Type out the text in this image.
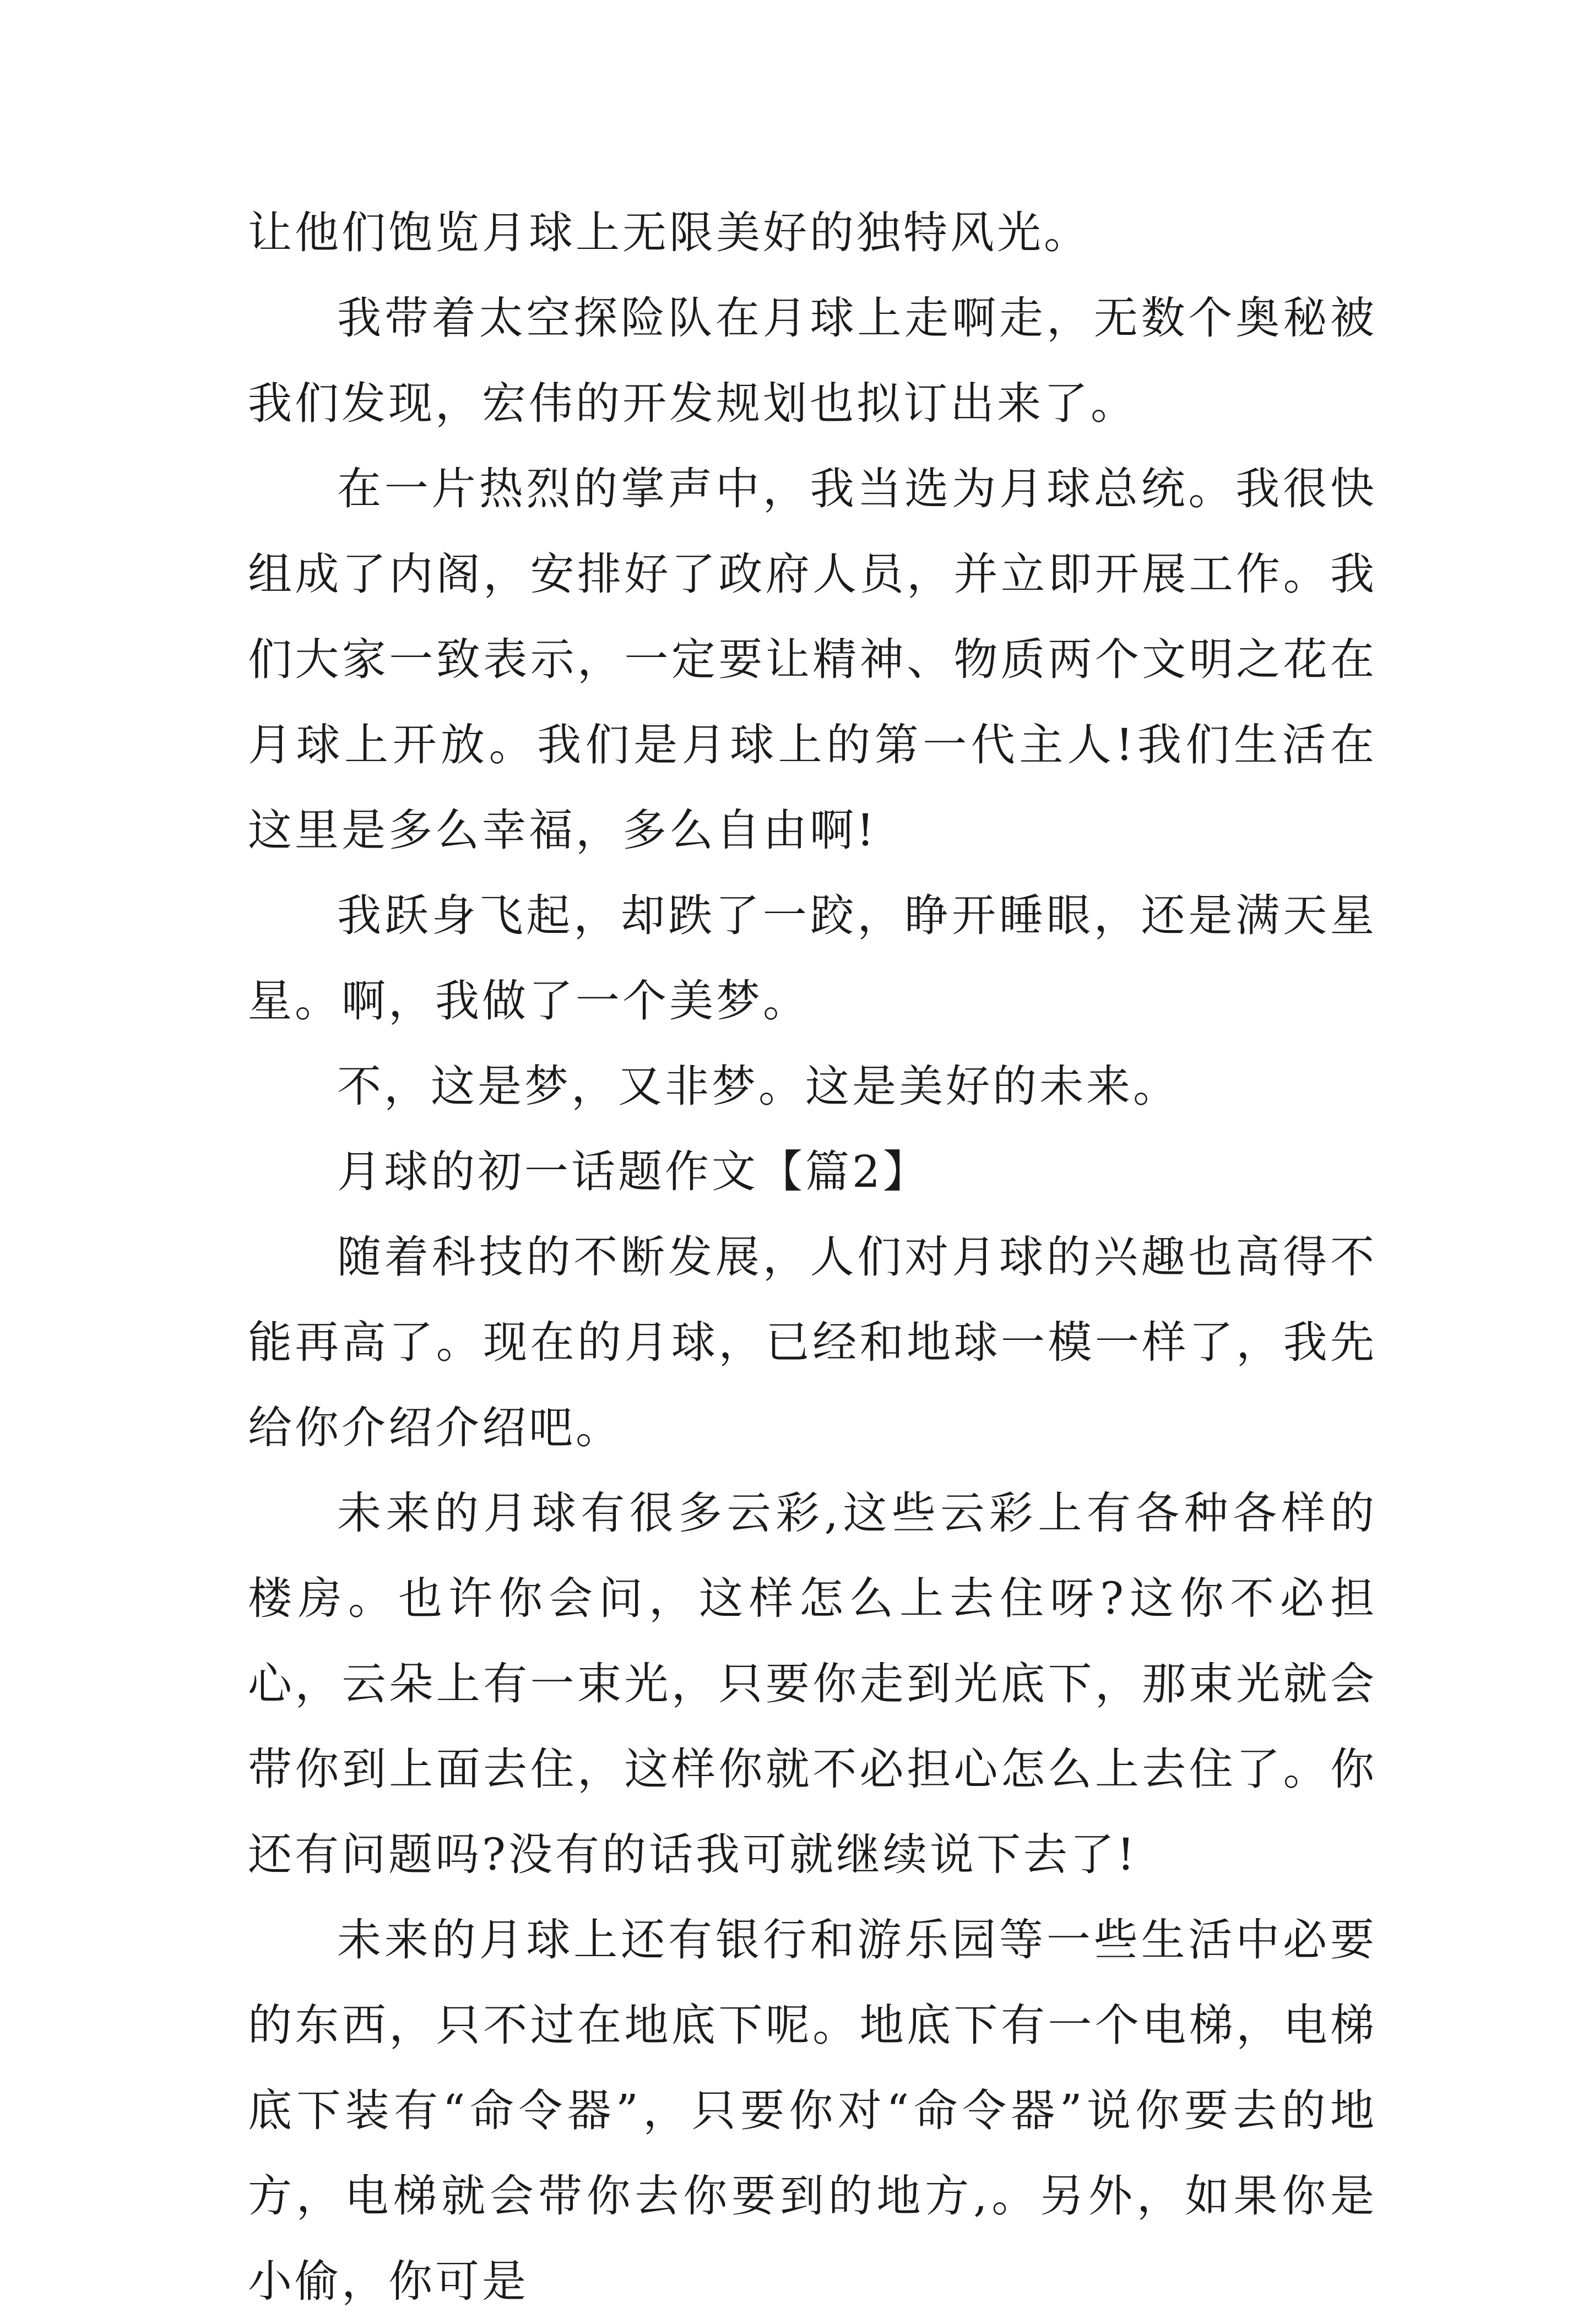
让他们饱览月球上无限美好的独特风光。

我带着太空探险队在月球上走啊走，无数个奥秘被我们发现，宏伟的开发规划也拟订出来了。

在一片热烈的掌声中，我当选为月球总统。我很快组成了内阁，安排好了政府人员，并立即开展工作。我们大家一致表示，一定要让精神、物质两个文明之花在月球上开放。我们是月球上的第一代主人!我们生活在这里是多么幸福，多么自由啊!

我跃身飞起，却跌了一跤，睁开睡眼，还是满天星星。啊，我做了一个美梦。

不，这是梦，又非梦。这是美好的未来。

月球的初一话题作文【篇2】

随着科技的不断发展，人们对月球的兴趣也高得不能再高了。现在的月球，已经和地球一模一样了，我先给你介绍介绍吧。

未来的月球有很多云彩,这些云彩上有各种各样的楼房。也许你会问，这样怎么上去住呀?这你不必担心，云朵上有一束光，只要你走到光底下，那束光就会带你到上面去住，这样你就不必担心怎么上去住了。你还有问题吗?没有的话我可就继续说下去了!

未来的月球上还有银行和游乐园等一些生活中必要的东西，只不过在地底下呢。地底下有一个电梯，电梯底下装有“命令器”，只要你对“命令器”说你要去的地方，电梯就会带你去你要到的地方,。另外，如果你是小偷，你可是
